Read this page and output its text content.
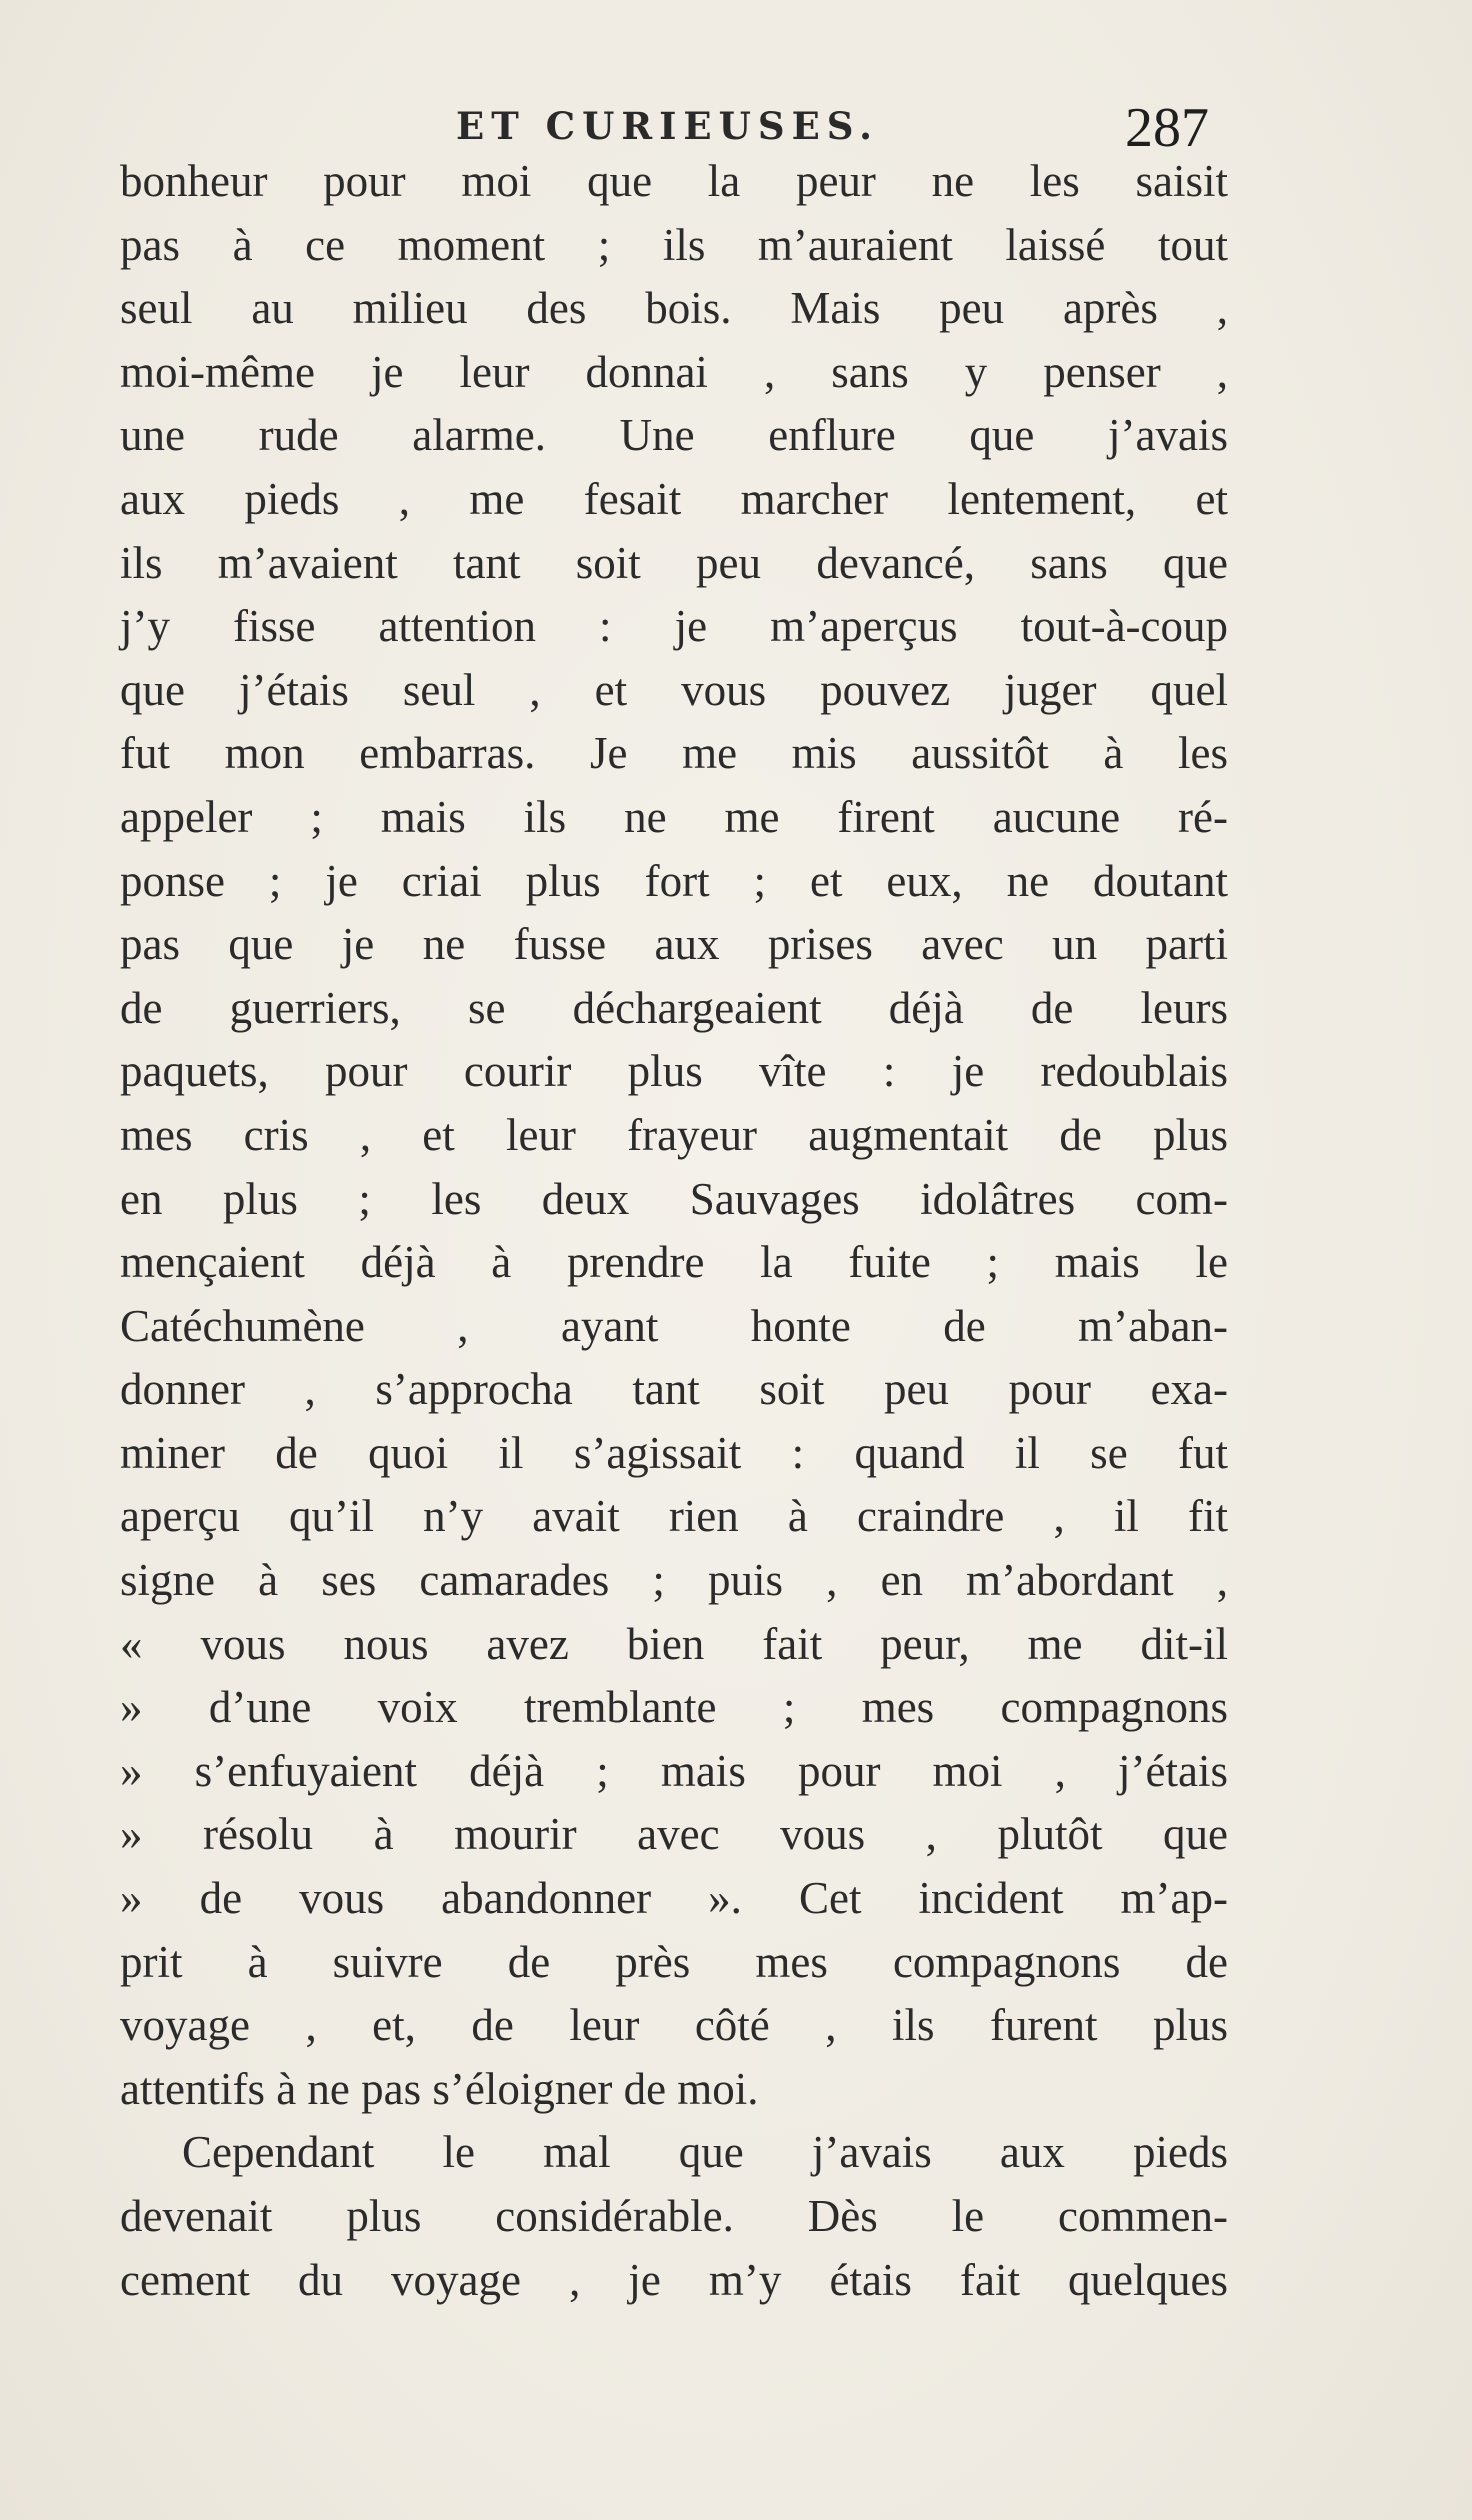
ET CURIEUSES.	287
bonheur pour moi que la peur ne les saisit
pas à ce moment ; ils m’auraient laissé tout
seul au milieu des bois. Mais peu après ,
moi-même je leur donnai , sans y penser ,
une rude alarme. Une enflure que j’avais
aux pieds , me fesait marcher lentement, et
ils m’avaient tant soit peu devancé, sans que
j’y fisse attention : je m’aperçus tout-à-coup
que j’étais seul , et vous pouvez juger quel
fut mon embarras. Je me mis aussitôt à les
appeler ; mais ils ne me firent aucune ré-
ponse ; je criai plus fort ; et eux, ne doutant
pas que je ne fusse aux prises avec un parti
de guerriers, se déchargeaient déjà de leurs
paquets, pour courir plus vîte : je redoublais
mes cris , et leur frayeur augmentait de plus
en plus ; les deux Sauvages idolâtres com-
mençaient déjà à prendre la fuite ; mais le
Catéchumène , ayant honte de m’aban-
donner , s’approcha tant soit peu pour exa-
miner de quoi il s’agissait : quand il se fut
aperçu qu’il n’y avait rien à craindre , il fit
signe à ses camarades ; puis , en m’abordant ,
« vous nous avez bien fait peur, me dit-il
» d’une voix tremblante ; mes compagnons
» s’enfuyaient déjà ; mais pour moi , j’étais
» résolu à mourir avec vous , plutôt que
» de vous abandonner ». Cet incident m’ap-
prit à suivre de près mes compagnons de
voyage , et, de leur côté , ils furent plus
attentifs à ne pas s’éloigner de moi.
Cependant le mal que j’avais aux pieds
devenait plus considérable. Dès le commen-
cement du voyage , je m’y étais fait quelques
